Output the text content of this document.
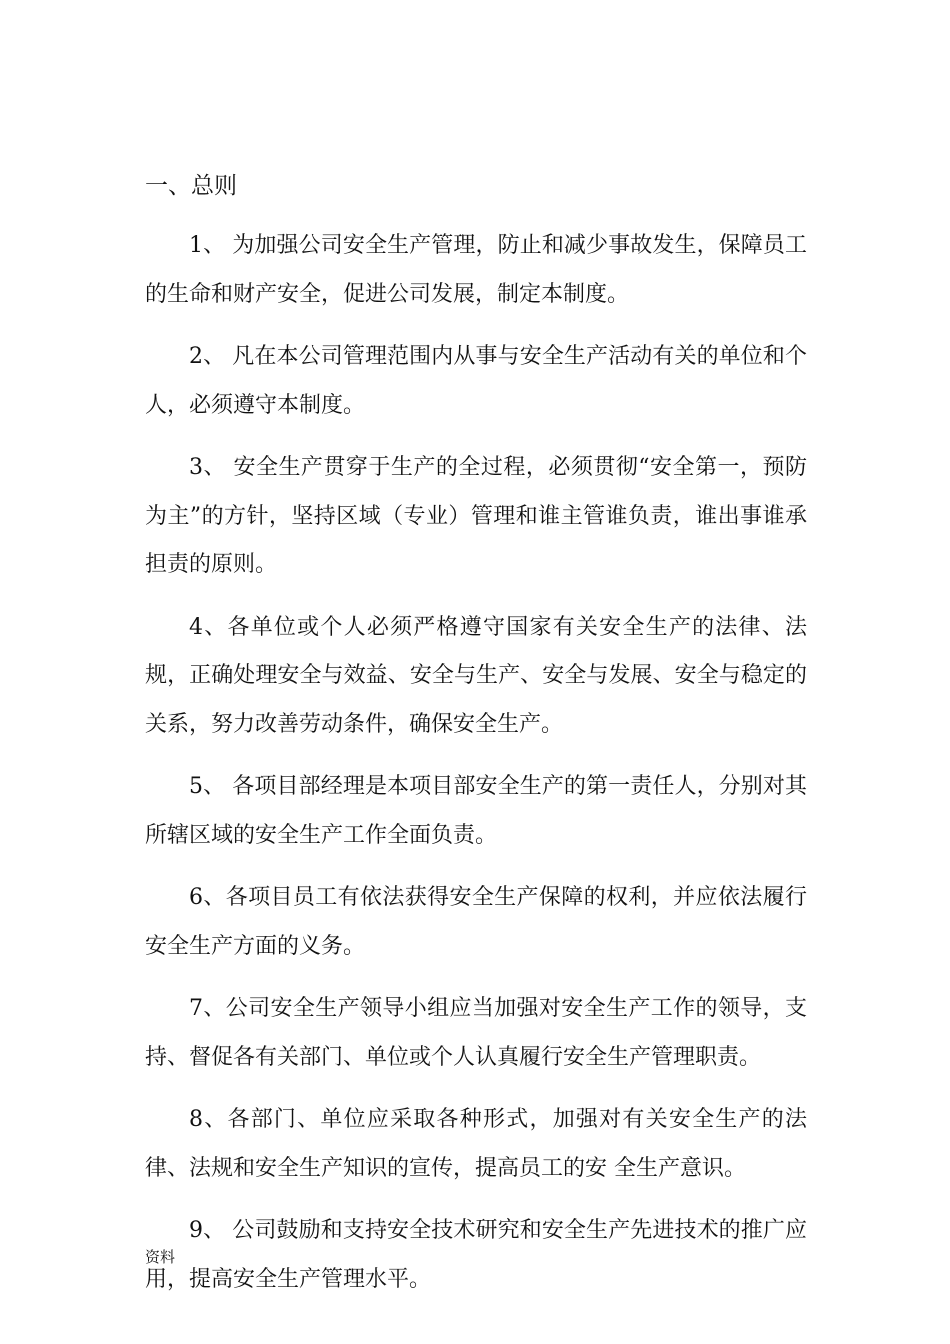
一、总则

1、 为加强公司安全生产管理，防止和减少事故发生，保障员工的生命和财产安全，促进公司发展，制定本制度。

2、 凡在本公司管理范围内从事与安全生产活动有关的单位和个人，必须遵守本制度。

3、 安全生产贯穿于生产的全过程，必须贯彻“安全第一，预防为主”的方针，坚持区域（专业）管理和谁主管谁负责，谁出事谁承担责的原则。

4、各单位或个人必须严格遵守国家有关安全生产的法律、法规，正确处理安全与效益、安全与生产、安全与发展、安全与稳定的关系，努力改善劳动条件，确保安全生产。

5、 各项目部经理是本项目部安全生产的第一责任人，分别对其所辖区域的安全生产工作全面负责。

6、各项目员工有依法获得安全生产保障的权利，并应依法履行安全生产方面的义务。

7、公司安全生产领导小组应当加强对安全生产工作的领导，支持、督促各有关部门、单位或个人认真履行安全生产管理职责。

8、各部门、单位应采取各种形式，加强对有关安全生产的法律、法规和安全生产知识的宣传，提高员工的安 全生产意识。

9、 公司鼓励和支持安全技术研究和安全生产先进技术的推广应用，提高安全生产管理水平。

资料
